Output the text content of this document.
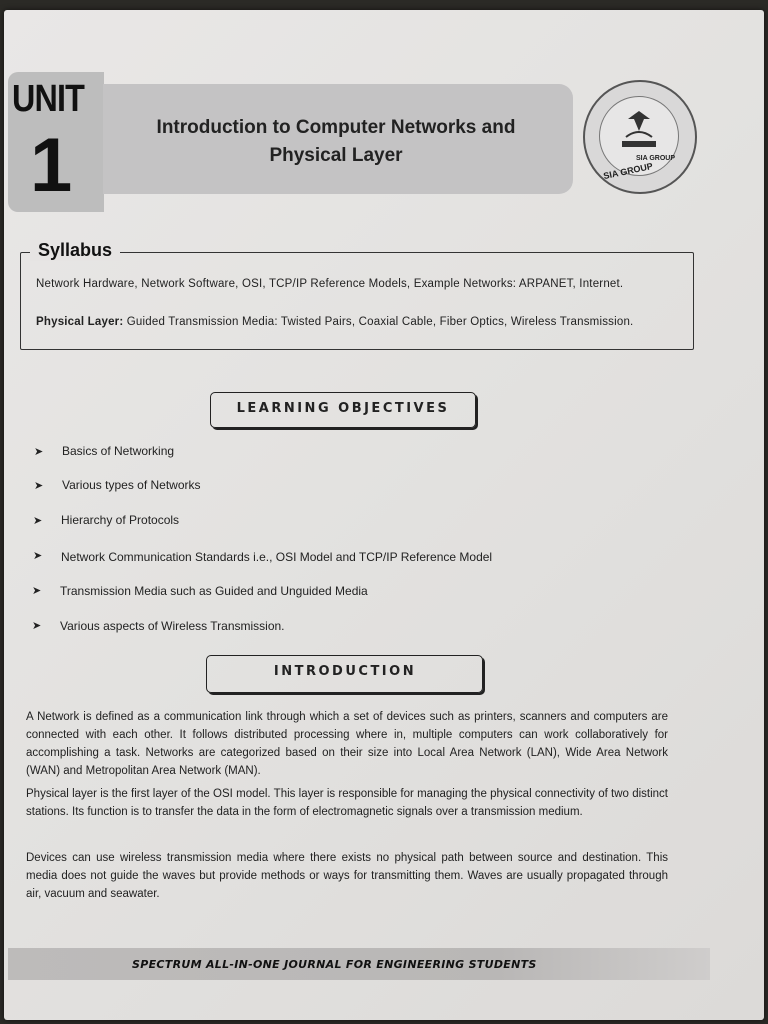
UNIT
1	Introduction to Computer Networks and
Physical Layer	SIA GROUP
SIA GROUP
Syllabus
Network Hardware, Network Software, OSI, TCP/IP Reference Models, Example Networks: ARPANET, Internet.
Physical Layer: Guided Transmission Media: Twisted Pairs, Coaxial Cable, Fiber Optics, Wireless Transmission.
LEARNING OBJECTIVES
➤ Basics of Networking
➤ Various types of Networks
➤ Hierarchy of Protocols
➤ Network Communication Standards i.e., OSI Model and TCP/IP Reference Model
➤ Transmission Media such as Guided and Unguided Media
➤ Various aspects of Wireless Transmission.
INTRODUCTION
A Network is defined as a communication link through which a set of devices such as printers, scanners and computers are connected with each other. It follows distributed processing where in, multiple computers can work collaboratively for accomplishing a task. Networks are categorized based on their size into Local Area Network (LAN), Wide Area Network (WAN) and Metropolitan Area Network (MAN).
Physical layer is the first layer of the OSI model. This layer is responsible for managing the physical connectivity of two distinct stations. Its function is to transfer the data in the form of electromagnetic signals over a transmission medium.
Devices can use wireless transmission media where there exists no physical path between source and destination. This media does not guide the waves but provide methods or ways for transmitting them. Waves are usually propagated through air, vacuum and seawater.
SPECTRUM ALL-IN-ONE JOURNAL FOR ENGINEERING STUDENTS
